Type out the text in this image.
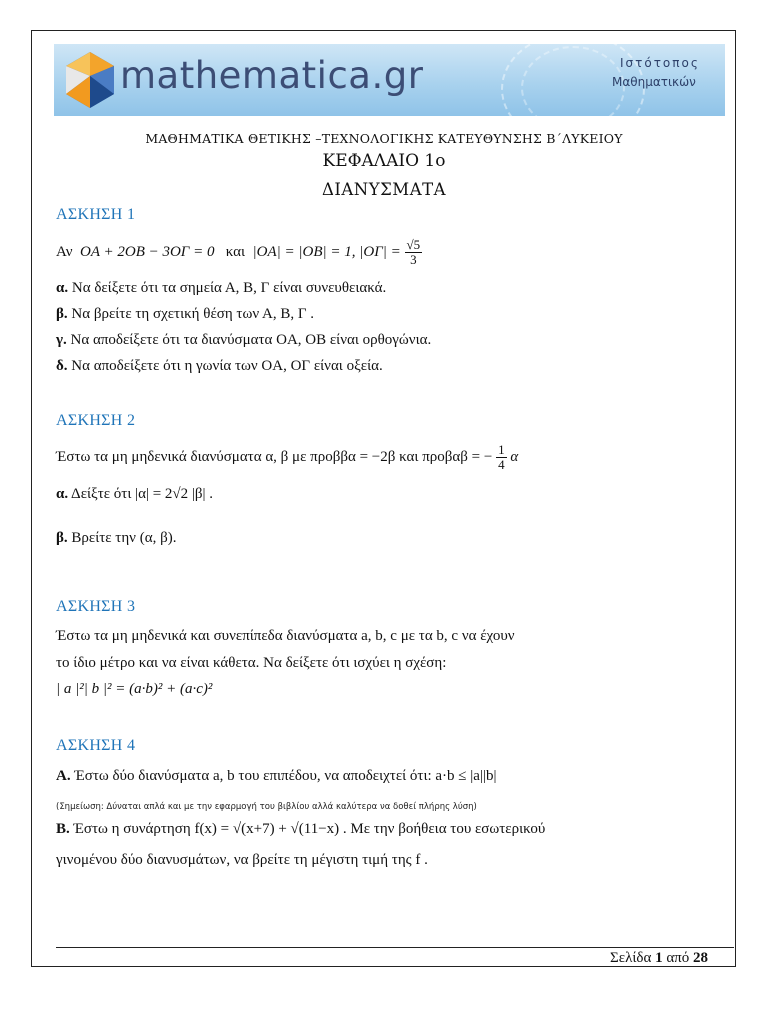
mathematica.gr	Ιστότοπος
Μαθηματικών
ΜΑΘΗΜΑΤΙΚΑ ΘΕΤΙΚΗΣ –ΤΕΧΝΟΛΟΓΙΚΗΣ ΚΑΤΕΥΘΥΝΣΗΣ Β΄ΛΥΚΕΙΟΥ
ΚΕΦΑΛΑΙΟ 1ο
ΔΙΑΝΥΣΜΑΤΑ
ΑΣΚΗΣΗ 1
Αν OA + 2OB − 3OΓ = 0 και |OA| = |OB| = 1, $|O\Gamma| = \frac{√5}{3}$
α. Να δείξετε ότι τα σημεία Α, Β, Γ είναι συνευθειακά.
β. Να βρείτε τη σχετική θέση των Α, Β, Γ .
γ. Να αποδείξετε ότι τα διανύσματα OA, OB είναι ορθογώνια.
δ. Να αποδείξετε ότι η γωνία των OA, OΓ είναι οξεία.
ΑΣΚΗΣΗ 2
Έστω τα μη μηδενικά διανύσματα α, β με προββα = −2β και προβαβ = − $\frac{1}{4}$ α
α. Δείξτε ότι |α| = 2√2 |β| .
β. Βρείτε την (α, β).
ΑΣΚΗΣΗ 3
Έστω τα μη μηδενικά και συνεπίπεδα διανύσματα a, b, c με τα b, c να έχουν
το ίδιο μέτρο και να είναι κάθετα. Να δείξετε ότι ισχύει η σχέση:
| a |²| b |² = (a·b)² + (a·c)²
ΑΣΚΗΣΗ 4
Α. Έστω δύο διανύσματα a, b του επιπέδου, να αποδειχτεί ότι: a·b ≤ |a||b|
(Σημείωση: Δύναται απλά και με την εφαρμογή του βιβλίου αλλά καλύτερα να δοθεί πλήρης λύση)
Β. Έστω η συνάρτηση f(x) = √(x+7) + √(11−x) . Με την βοήθεια του εσωτερικού
γινομένου δύο διανυσμάτων, να βρείτε τη μέγιστη τιμή της f .
Σελίδα 1 από 28
